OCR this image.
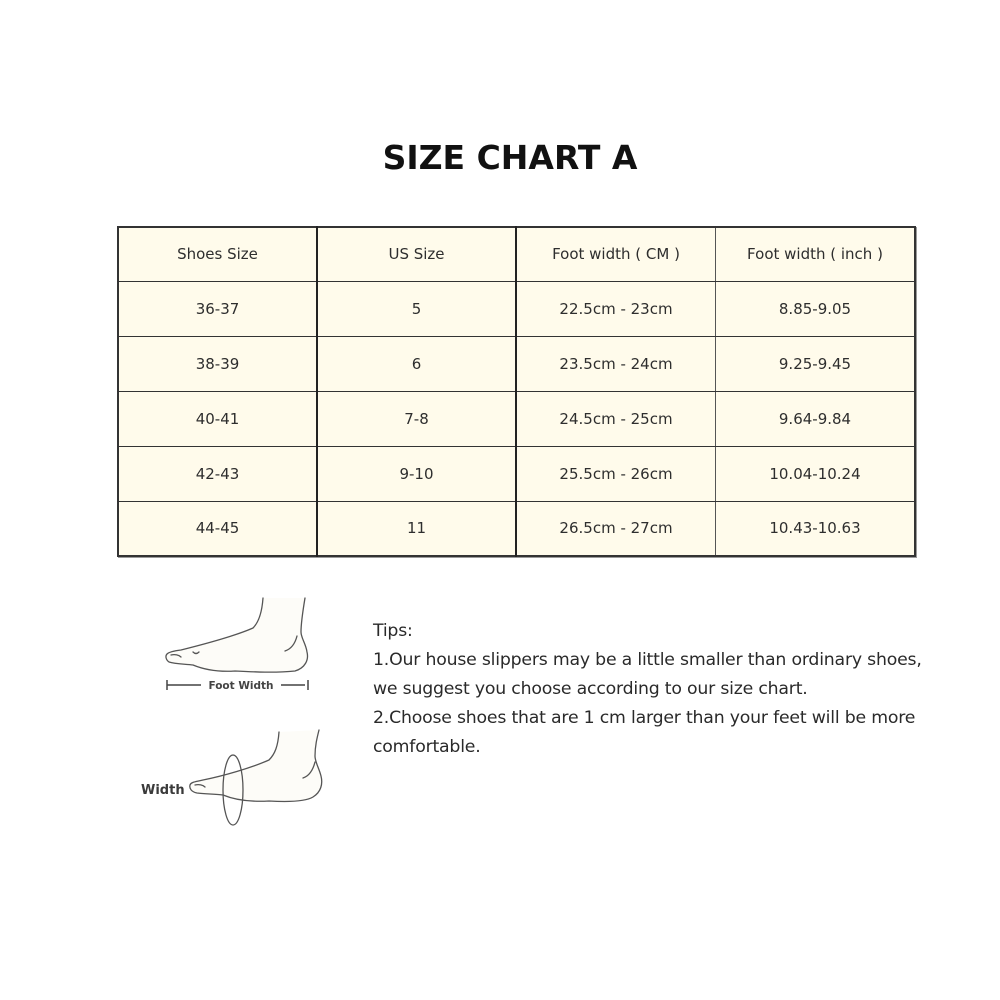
SIZE CHART A
Shoes Size	US Size	Foot width ( CM )	Foot width ( inch )
36-37	5	22.5cm - 23cm	8.85-9.05
38-39	6	23.5cm - 24cm	9.25-9.45
40-41	7-8	24.5cm - 25cm	9.64-9.84
42-43	9-10	25.5cm - 26cm	10.04-10.24
44-45	11	26.5cm - 27cm	10.43-10.63
Foot Width
Width

Tips:

1.Our house slippers may be a little smaller than ordinary shoes, we suggest you choose according to our size chart.

2.Choose shoes that are 1 cm larger than your feet will be more comfortable.
